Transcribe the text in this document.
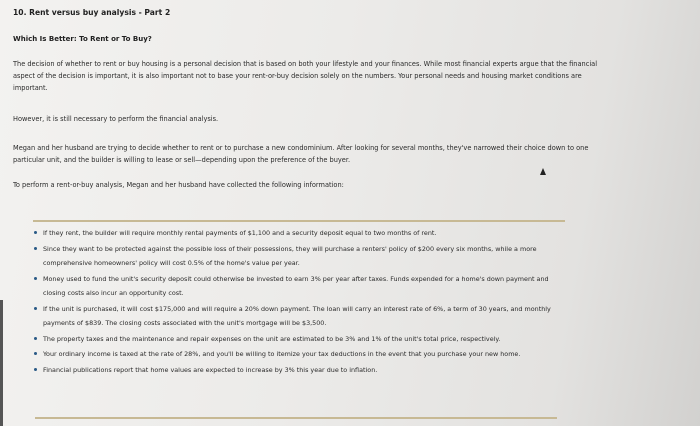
10. Rent versus buy analysis - Part 2
Which Is Better: To Rent or To Buy?

The decision of whether to rent or buy housing is a personal decision that is based on both your lifestyle and your finances. While most financial experts argue that the financial aspect of the decision is important, it is also important not to base your rent-or-buy decision solely on the numbers. Your personal needs and housing market conditions are important.

However, it is still necessary to perform the financial analysis.

Megan and her husband are trying to decide whether to rent or to purchase a new condominium. After looking for several months, they've narrowed their choice down to one particular unit, and the builder is willing to lease or sell—depending upon the preference of the buyer.

To perform a rent-or-buy analysis, Megan and her husband have collected the following information:

If they rent, the builder will require monthly rental payments of $1,100 and a security deposit equal to two months of rent.
Since they want to be protected against the possible loss of their possessions, they will purchase a renters' policy of $200 every six months, while a more comprehensive homeowners' policy will cost 0.5% of the home's value per year.
Money used to fund the unit's security deposit could otherwise be invested to earn 3% per year after taxes. Funds expended for a home's down payment and closing costs also incur an opportunity cost.
If the unit is purchased, it will cost $175,000 and will require a 20% down payment. The loan will carry an interest rate of 6%, a term of 30 years, and monthly payments of $839. The closing costs associated with the unit's mortgage will be $3,500.
The property taxes and the maintenance and repair expenses on the unit are estimated to be 3% and 1% of the unit's total price, respectively.
Your ordinary income is taxed at the rate of 28%, and you'll be willing to itemize your tax deductions in the event that you purchase your new home.
Financial publications report that home values are expected to increase by 3% this year due to inflation.
